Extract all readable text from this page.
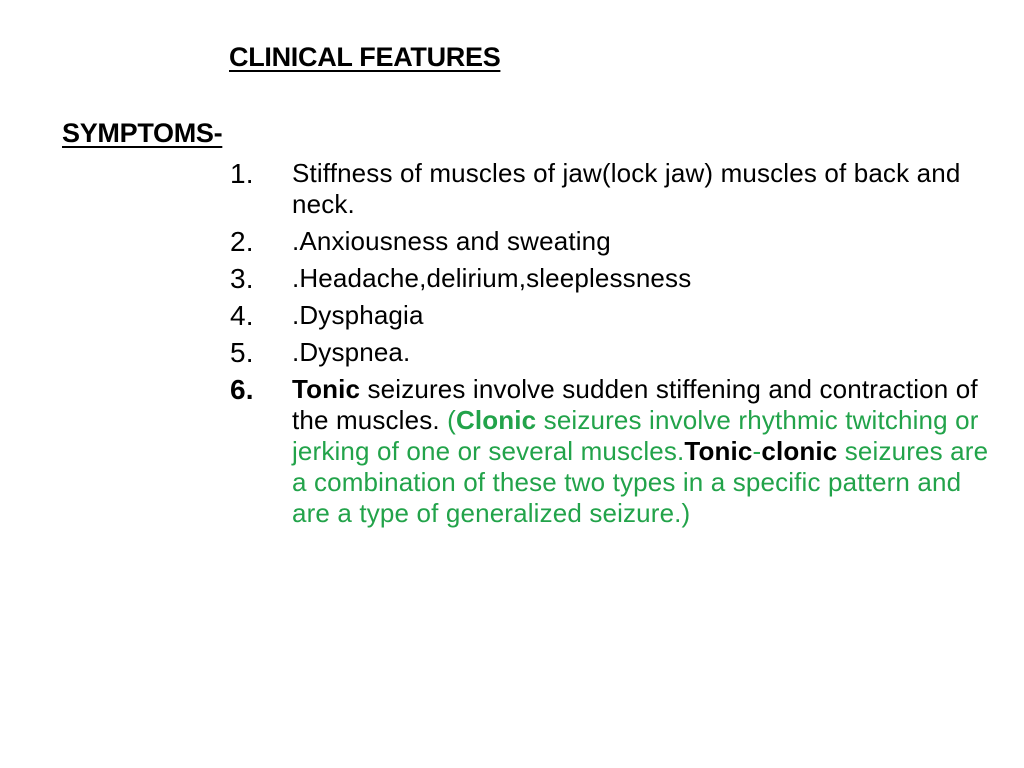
CLINICAL FEATURES
SYMPTOMS-
1. Stiffness of muscles of jaw(lock jaw) muscles of back and neck.
2. .Anxiousness and sweating
3. .Headache,delirium,sleeplessness
4. .Dysphagia
5. .Dyspnea.
6. Tonic seizures involve sudden stiffening and contraction of the muscles. (Clonic seizures involve rhythmic twitching or jerking of one or several muscles.Tonic-clonic seizures are a combination of these two types in a specific pattern and are a type of generalized seizure.)
